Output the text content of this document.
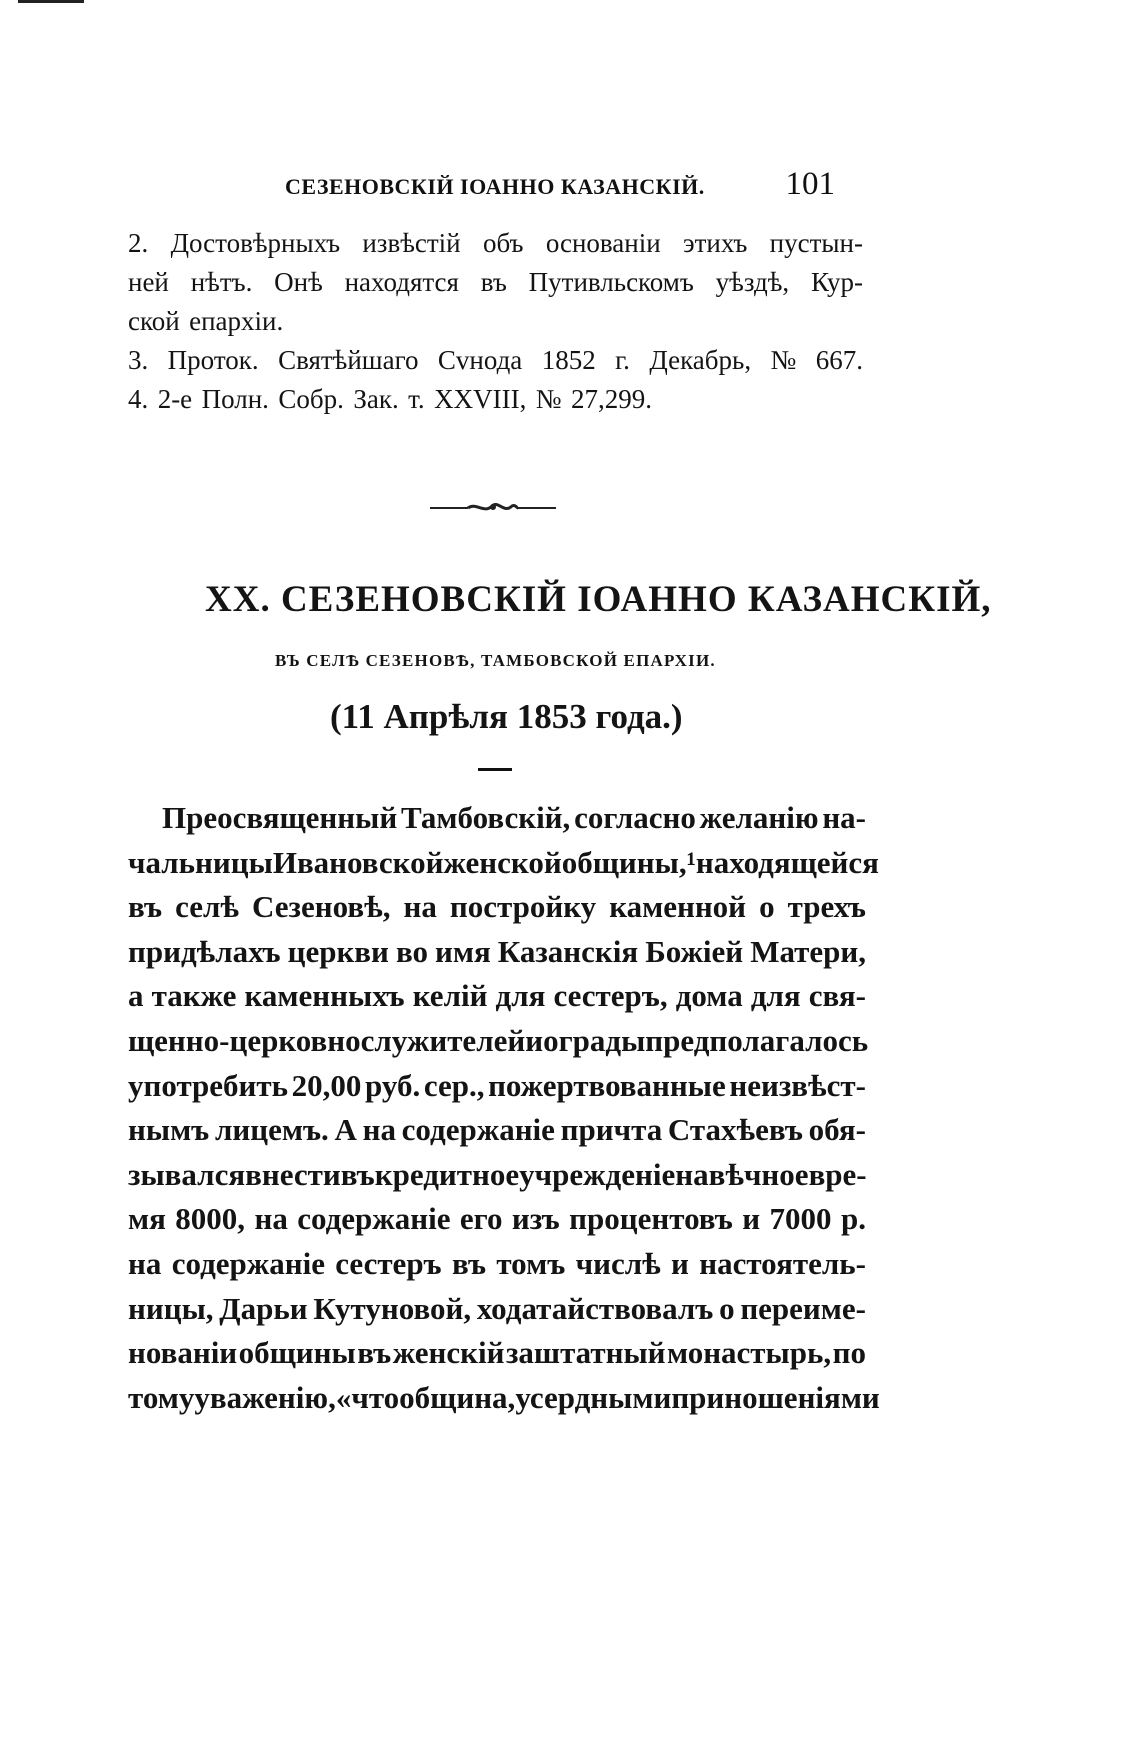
СЕЗЕНОВСКІЙ ІОАННО КАЗАНСКІЙ. 101
2. Достовѣрныхъ извѣстій объ основаніи этихъ пустын-
ней нѣтъ. Онѣ находятся въ Путивльскомъ уѣздѣ, Кур-
ской епархіи.
3. Проток. Святѣйшаго Сvнода 1852 г. Декабрь, № 667.
4. 2-е Полн. Собр. Зак. т. XXVIII, № 27,299.
XX. СЕЗЕНОВСКІЙ ІОАННО КАЗАНСКІЙ,
ВЪ СЕЛѢ СЕЗЕНОВѢ, ТАМБОВСКОЙ ЕПАРХІИ.
(11 Апрѣля 1853 года.)
Преосвященный Тамбовскій, согласно желанію на-
чальницы Ивановской женской общины,¹ находящейся
въ селѣ Сезеновѣ, на постройку каменной о трехъ
придѣлахъ церкви во имя Казанскія Божіей Матери,
а также каменныхъ келій для сестеръ, дома для свя-
щенно-церковнослужителей и ограды предполагалось
употребить 20,00 руб. сер., пожертвованные неизвѣст-
нымъ лицемъ. А на содержаніе причта Стахѣевъ обя-
зывался внести въ кредитное учрежденіе на вѣчное вре-
мя 8000, на содержаніе его изъ процентовъ и 7000 р.
на содержаніе сестеръ въ томъ числѣ и настоятель-
ницы, Дарьи Кутуновой, ходатайствовалъ о переиме-
нованіи общины въ женскій заштатный монастырь, по
тому уваженію, «что община, усердными приношеніями
